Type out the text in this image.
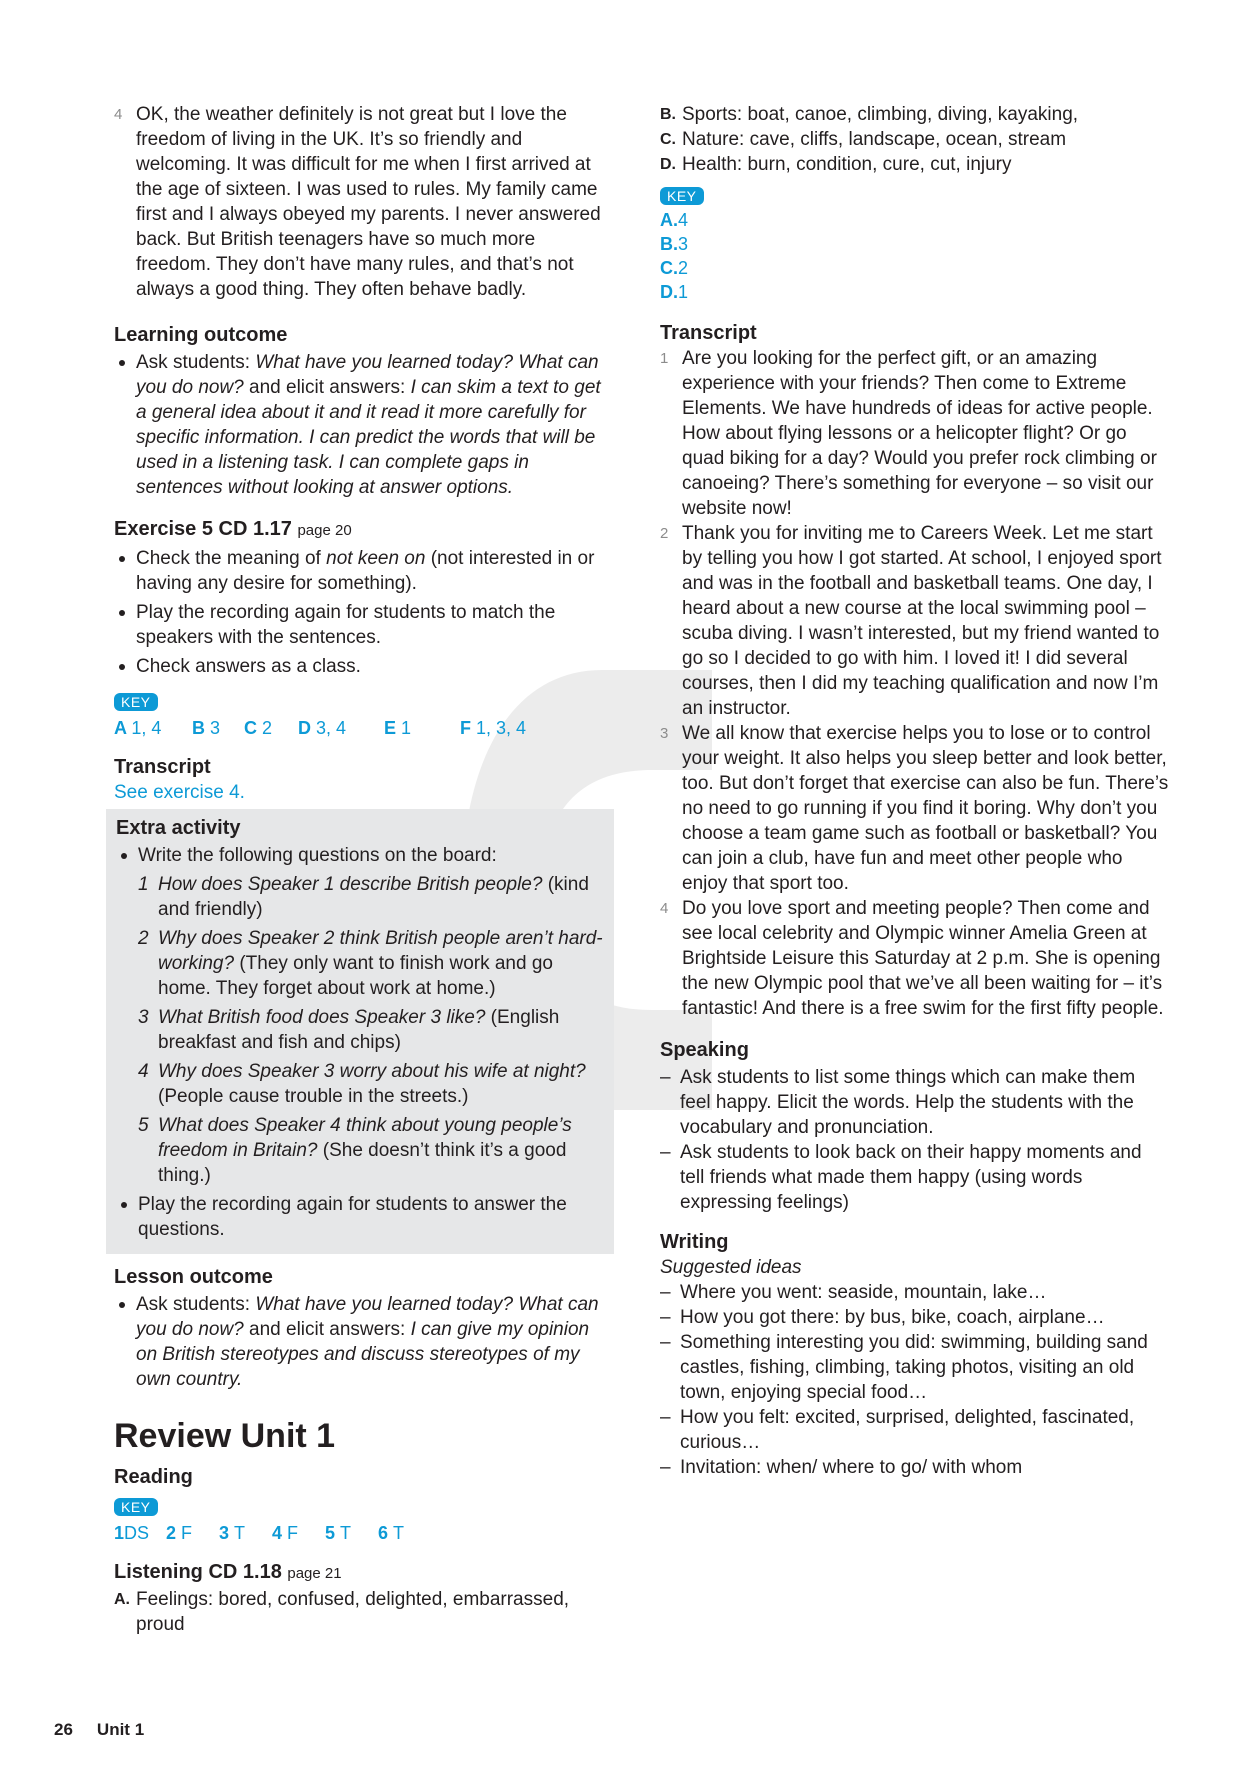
4 OK, the weather definitely is not great but I love the freedom of living in the UK. It’s so friendly and welcoming. It was difficult for me when I first arrived at the age of sixteen. I was used to rules. My family came first and I always obeyed my parents. I never answered back. But British teenagers have so much more freedom. They don’t have many rules, and that’s not always a good thing. They often behave badly.

Learning outcome

Ask students: What have you learned today? What can you do now? and elicit answers: I can skim a text to get a general idea about it and it read it more carefully for specific information. I can predict the words that will be used in a listening task. I can complete gaps in sentences without looking at answer options.

Exercise 5 CD 1.17 page 20

Check the meaning of not keen on (not interested in or having any desire for something).
Play the recording again for students to match the speakers with the sentences.
Check answers as a class.
KEY

A 1, 4 B 3 C 2 D 3, 4 E 1	F 1, 3, 4

Transcript

See exercise 4.

Extra activity

Write the following questions on the board:
1 How does Speaker 1 describe British people? (kind and friendly)
2 Why does Speaker 2 think British people aren’t hard-working? (They only want to finish work and go home. They forget about work at home.)
3 What British food does Speaker 3 like? (English breakfast and fish and chips)
4 Why does Speaker 3 worry about his wife at night? (People cause trouble in the streets.)
5 What does Speaker 4 think about young people’s freedom in Britain? (She doesn’t think it’s a good thing.)
Play the recording again for students to answer the questions.

Lesson outcome

Ask students: What have you learned today? What can you do now? and elicit answers: I can give my opinion on British stereotypes and discuss stereotypes of my own country.

Review Unit 1

Reading

KEY

1DS 2 F 3 T 4 F 5 T 6 T

Listening CD 1.18 page 21

A. Feelings: bored, confused, delighted, embarrassed, proud

B. Sports: boat, canoe, climbing, diving, kayaking,

C. Nature: cave, cliffs, landscape, ocean, stream

D. Health: burn, condition, cure, cut, injury

KEY
A.4
B.3
C.2
D.1

Transcript

1 Are you looking for the perfect gift, or an amazing experience with your friends? Then come to Extreme Elements. We have hundreds of ideas for active people. How about flying lessons or a helicopter flight? Or go quad biking for a day? Would you prefer rock climbing or canoeing? There’s something for everyone – so visit our website now!

2 Thank you for inviting me to Careers Week. Let me start by telling you how I got started. At school, I enjoyed sport and was in the football and basketball teams. One day, I heard about a new course at the local swimming pool – scuba diving. I wasn’t interested, but my friend wanted to go so I decided to go with him. I loved it! I did several courses, then I did my teaching qualification and now I’m an instructor.

3 We all know that exercise helps you to lose or to control your weight. It also helps you sleep better and look better, too. But don’t forget that exercise can also be fun. There’s no need to go running if you find it boring. Why don’t you choose a team game such as football or basketball? You can join a club, have fun and meet other people who enjoy that sport too.

4 Do you love sport and meeting people? Then come and see local celebrity and Olympic winner Amelia Green at Brightside Leisure this Saturday at 2 p.m. She is opening the new Olympic pool that we’ve all been waiting for – it’s fantastic! And there is a free swim for the first fifty people.

Speaking

– Ask students to list some things which can make them feel happy. Elicit the words. Help the students with the vocabulary and pronunciation.
– Ask students to look back on their happy moments and tell friends what made them happy (using words expressing feelings)

Writing

Suggested ideas

– Where you went: seaside, mountain, lake…
– How you got there: by bus, bike, coach, airplane…
– Something interesting you did: swimming, building sand castles, fishing, climbing, taking photos, visiting an old town, enjoying special food…
– How you felt: excited, surprised, delighted, fascinated, curious…
– Invitation: when/ where to go/ with whom
26 Unit 1
